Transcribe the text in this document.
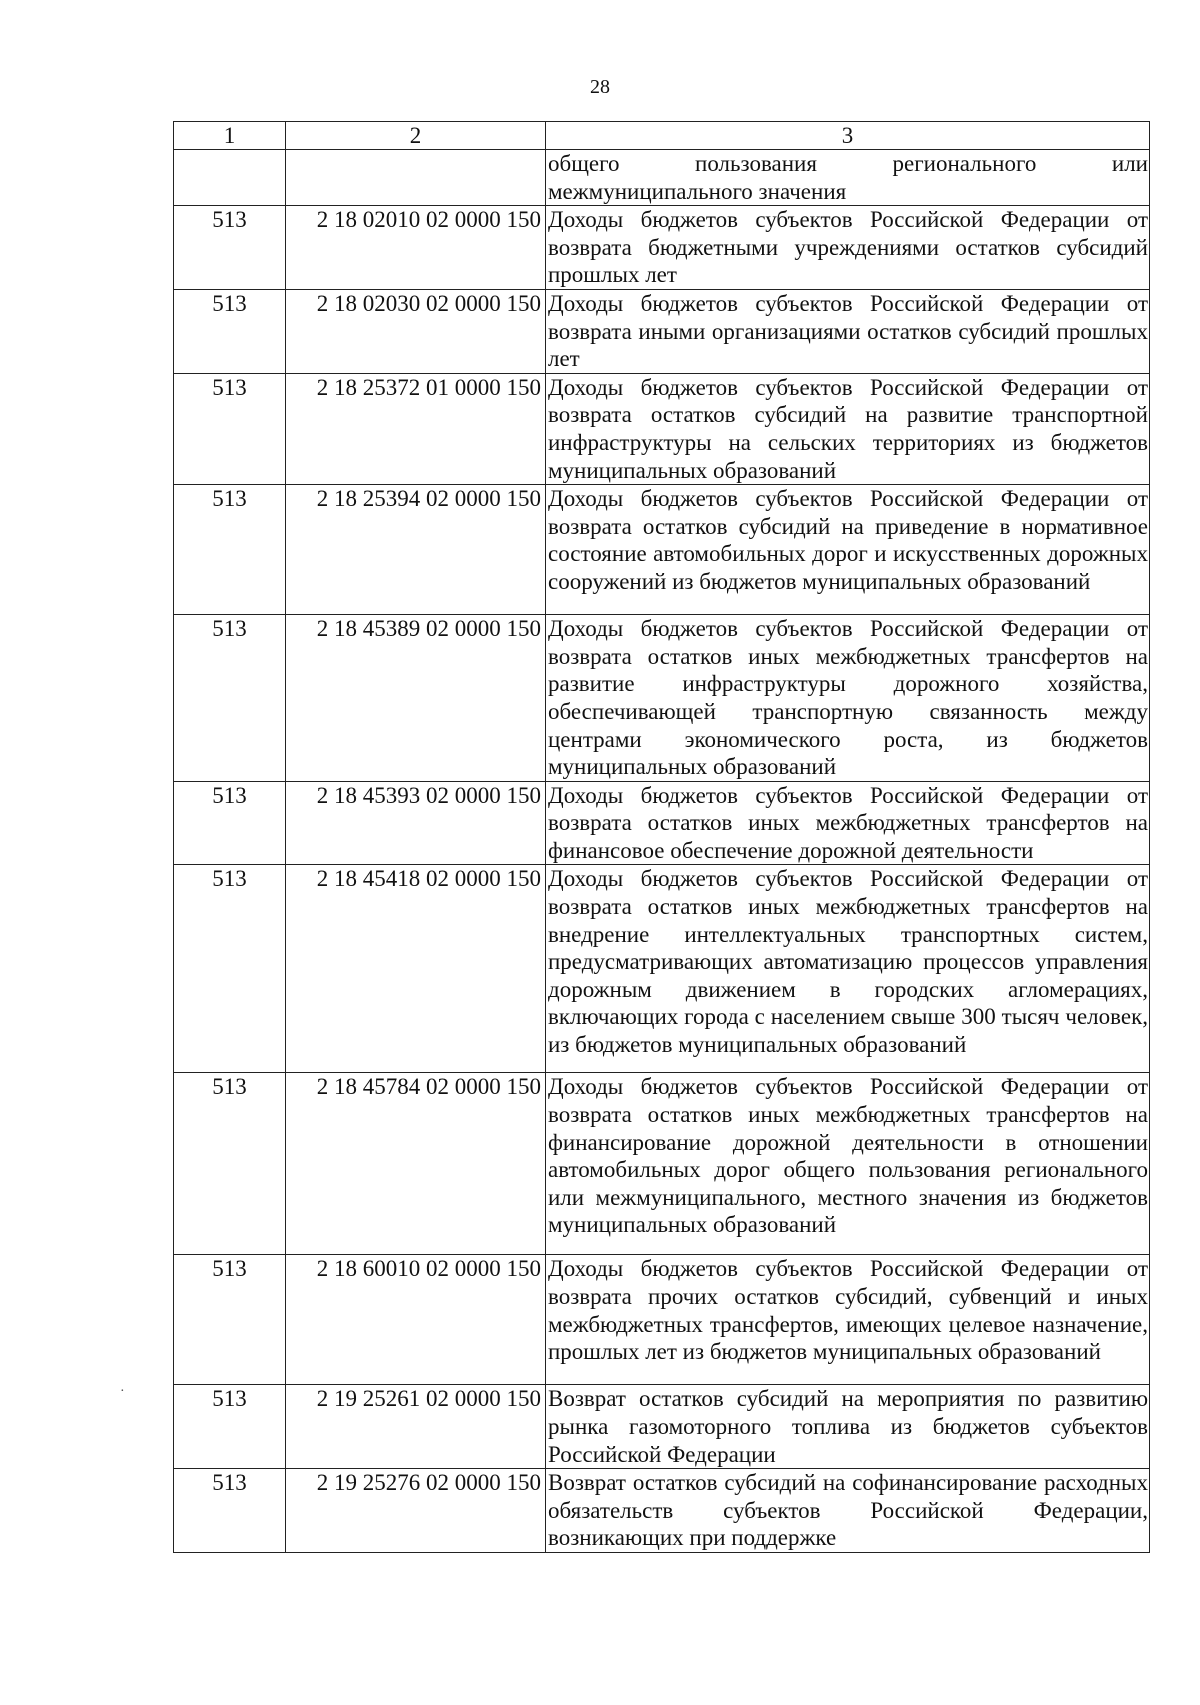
28
1	2	3
		общего пользования регионального или межмуниципального значения
513	2 18 02010 02 0000 150	Доходы бюджетов субъектов Российской Федерации от возврата бюджетными учреждениями остатков субсидий прошлых лет
513	2 18 02030 02 0000 150	Доходы бюджетов субъектов Российской Федерации от возврата иными организациями остатков субсидий прошлых лет
513	2 18 25372 01 0000 150	Доходы бюджетов субъектов Российской Федерации от возврата остатков субсидий на развитие транспортной инфраструктуры на сельских территориях из бюджетов муниципальных образований
513	2 18 25394 02 0000 150	Доходы бюджетов субъектов Российской Федерации от возврата остатков субсидий на приведение в нормативное состояние автомобильных дорог и искусственных дорожных сооружений из бюджетов муниципальных образований
513	2 18 45389 02 0000 150	Доходы бюджетов субъектов Российской Федерации от возврата остатков иных межбюджетных трансфертов на развитие инфраструктуры дорожного хозяйства, обеспечивающей транспортную связанность между центрами экономического роста, из бюджетов муниципальных образований
513	2 18 45393 02 0000 150	Доходы бюджетов субъектов Российской Федерации от возврата остатков иных межбюджетных трансфертов на финансовое обеспечение дорожной деятельности
513	2 18 45418 02 0000 150	Доходы бюджетов субъектов Российской Федерации от возврата остатков иных межбюджетных трансфертов на внедрение интеллектуальных транспортных систем, предусматривающих автоматизацию процессов управления дорожным движением в городских агломерациях, включающих города с населением свыше 300 тысяч человек, из бюджетов муниципальных образований
513	2 18 45784 02 0000 150	Доходы бюджетов субъектов Российской Федерации от возврата остатков иных межбюджетных трансфертов на финансирование дорожной деятельности в отношении автомобильных дорог общего пользования регионального или межмуниципального, местного значения из бюджетов муниципальных образований
513	2 18 60010 02 0000 150	Доходы бюджетов субъектов Российской Федерации от возврата прочих остатков субсидий, субвенций и иных межбюджетных трансфертов, имеющих целевое назначение, прошлых лет из бюджетов муниципальных образований
513	2 19 25261 02 0000 150	Возврат остатков субсидий на мероприятия по развитию рынка газомоторного топлива из бюджетов субъектов Российской Федерации
513	2 19 25276 02 0000 150	Возврат остатков субсидий на софинансирование расходных обязательств субъектов Российской Федерации, возникающих при поддержке
·
